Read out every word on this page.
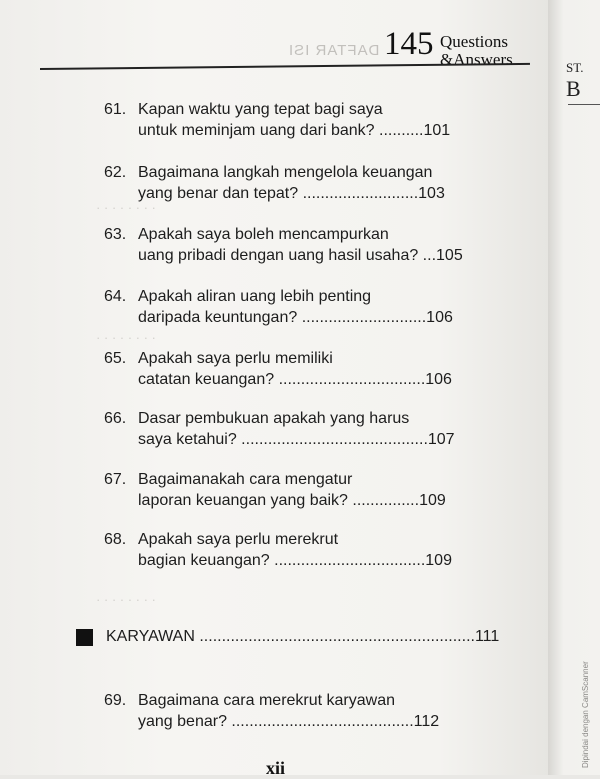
DAFTAR ISI 145 Questions
&Answers
· · · · · · · ·
· · · · · · · ·
· · · · · · · ·
61. Kapan waktu yang tepat bagi saya
untuk meminjam uang dari bank? ..........101
62. Bagaimana langkah mengelola keuangan
yang benar dan tepat? ..........................103
63. Apakah saya boleh mencampurkan
uang pribadi dengan uang hasil usaha? ...105
64. Apakah aliran uang lebih penting
daripada keuntungan? ............................106
65. Apakah saya perlu memiliki
catatan keuangan? .................................106
66. Dasar pembukuan apakah yang harus
saya ketahui? ..........................................107
67. Bagaimanakah cara mengatur
laporan keuangan yang baik? ...............109
68. Apakah saya perlu merekrut
bagian keuangan? ..................................109
KARYAWAN ..............................................................111
69. Bagaimana cara merekrut karyawan
yang benar? .........................................112
xii
ST.
B
Dipindai dengan CamScanner
